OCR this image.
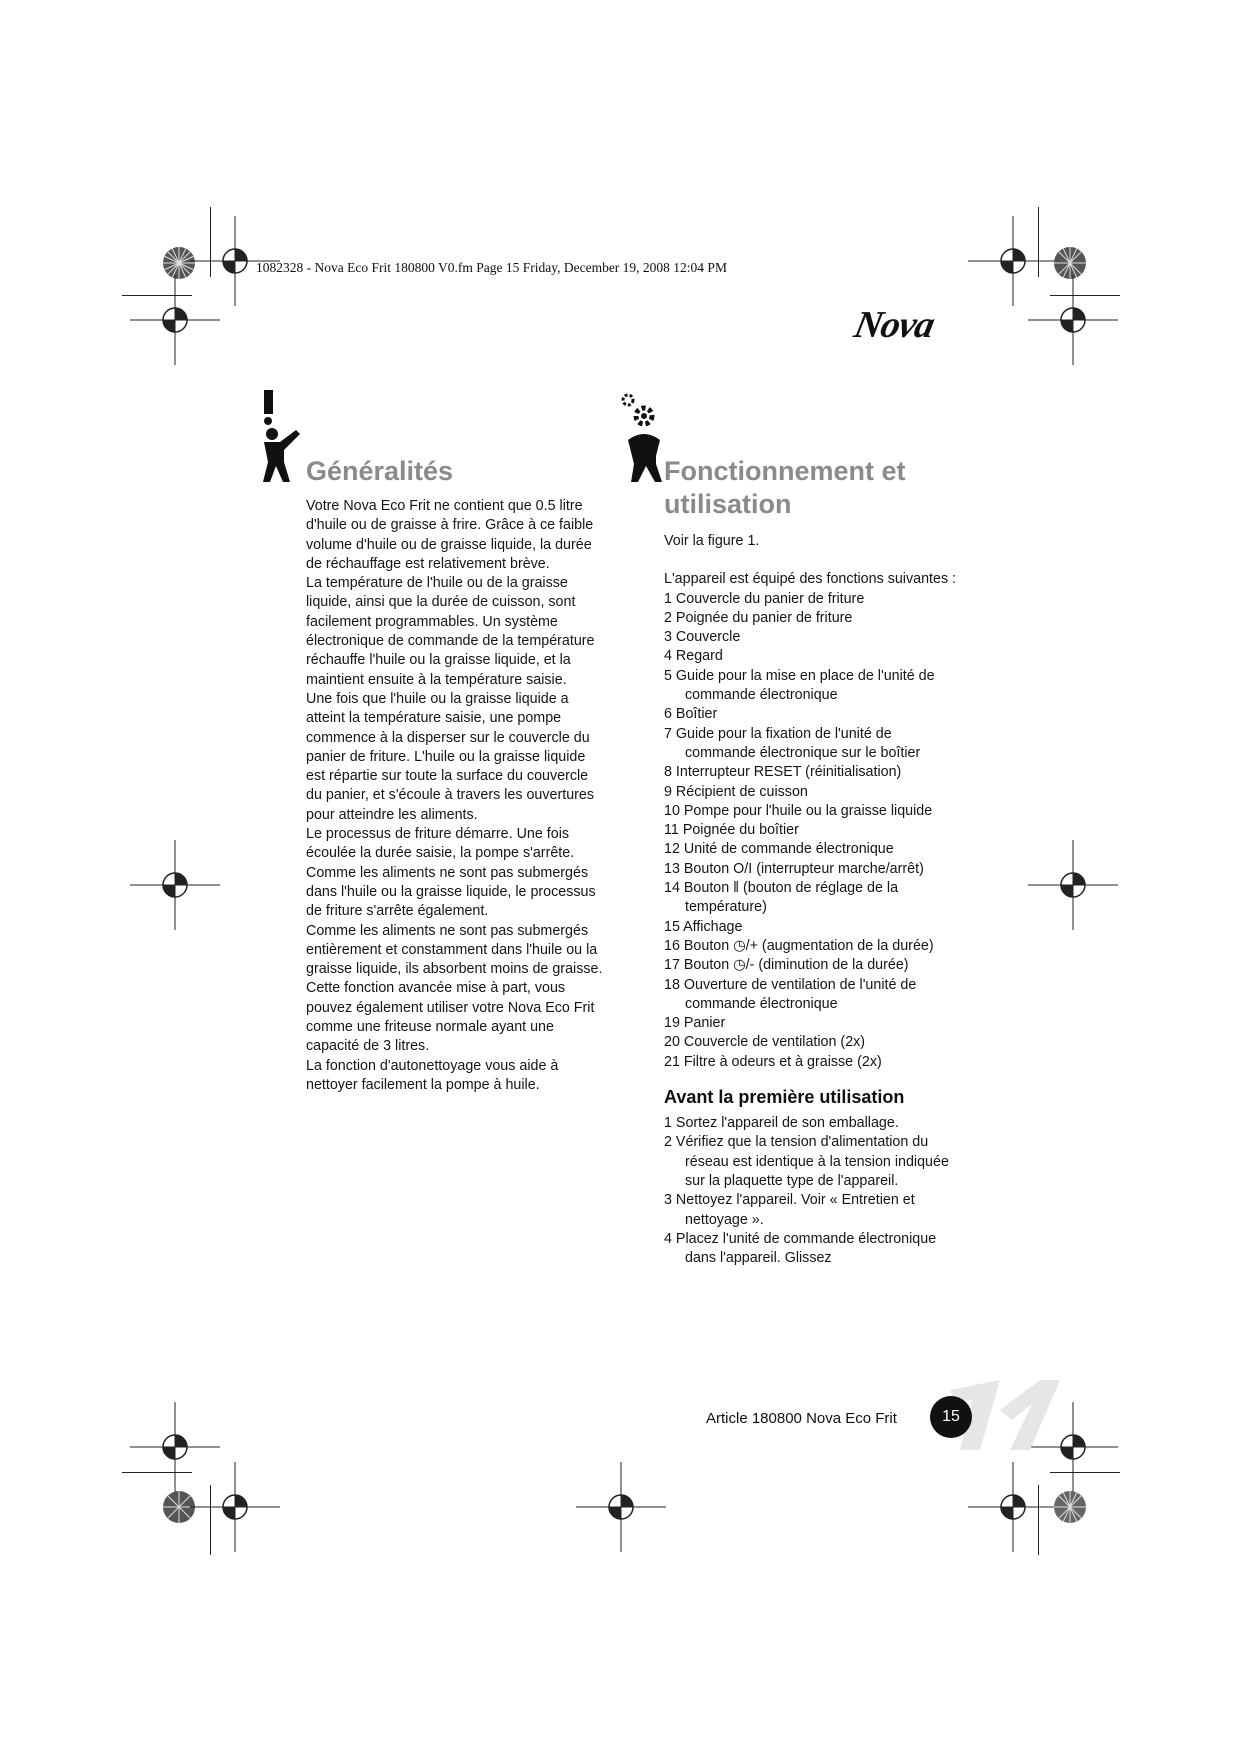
1082328 - Nova Eco Frit 180800 V0.fm Page 15 Friday, December 19, 2008 12:04 PM
Nova
Généralités

Votre Nova Eco Frit ne contient que 0.5 litre d'huile ou de graisse à frire. Grâce à ce faible volume d'huile ou de graisse liquide, la durée de réchauffage est relativement brève.

La température de l'huile ou de la graisse liquide, ainsi que la durée de cuisson, sont facilement programmables. Un système électronique de commande de la température réchauffe l'huile ou la graisse liquide, et la maintient ensuite à la température saisie.

Une fois que l'huile ou la graisse liquide a atteint la température saisie, une pompe commence à la disperser sur le couvercle du panier de friture. L'huile ou la graisse liquide est répartie sur toute la surface du couvercle du panier, et s'écoule à travers les ouvertures pour atteindre les aliments.

Le processus de friture démarre. Une fois écoulée la durée saisie, la pompe s'arrête. Comme les aliments ne sont pas submergés dans l'huile ou la graisse liquide, le processus de friture s'arrête également.

Comme les aliments ne sont pas submergés entièrement et constamment dans l'huile ou la graisse liquide, ils absorbent moins de graisse.

Cette fonction avancée mise à part, vous pouvez également utiliser votre Nova Eco Frit comme une friteuse normale ayant une capacité de 3 litres.

La fonction d'autonettoyage vous aide à nettoyer facilement la pompe à huile.

Fonctionnement et utilisation

Voir la figure 1.

L'appareil est équipé des fonctions suivantes :

1 Couvercle du panier de friture
2 Poignée du panier de friture
3 Couvercle
4 Regard
5 Guide pour la mise en place de l'unité de commande électronique
6 Boîtier
7 Guide pour la fixation de l'unité de commande électronique sur le boîtier
8 Interrupteur RESET (réinitialisation)
9 Récipient de cuisson
10 Pompe pour l'huile ou la graisse liquide
11 Poignée du boîtier
12 Unité de commande électronique
13 Bouton O/I (interrupteur marche/arrêt)
14 Bouton ǁ (bouton de réglage de la température)
15 Affichage
16 Bouton ◷/+ (augmentation de la durée)
17 Bouton ◷/- (diminution de la durée)
18 Ouverture de ventilation de l'unité de commande électronique
19 Panier
20 Couvercle de ventilation (2x)
21 Filtre à odeurs et à graisse (2x)
Avant la première utilisation
1 Sortez l'appareil de son emballage.
2 Vérifiez que la tension d'alimentation du réseau est identique à la tension indiquée sur la plaquette type de l'appareil.
3 Nettoyez l'appareil. Voir « Entretien et nettoyage ».
4 Placez l'unité de commande électronique dans l'appareil. Glissez
Article 180800 Nova Eco Frit	15
